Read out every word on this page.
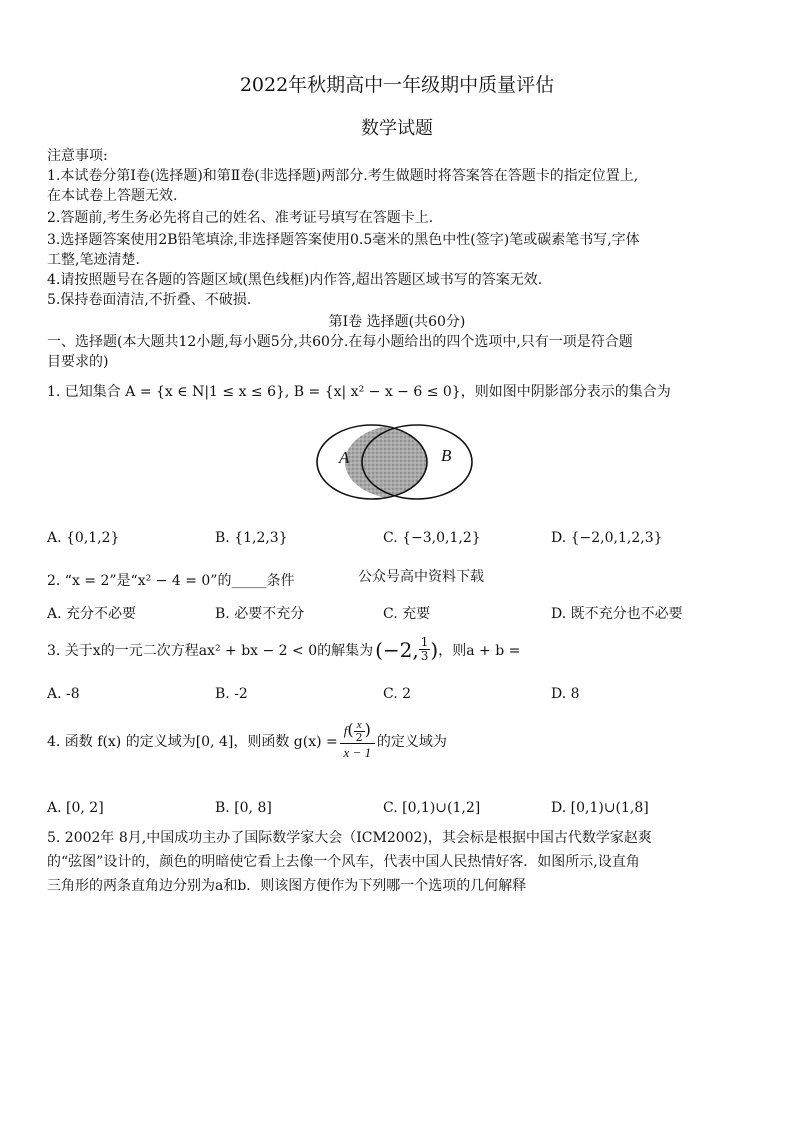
2022年秋期高中一年级期中质量评估
数学试题
注意事项:
1.本试卷分第Ⅰ卷(选择题)和第Ⅱ卷(非选择题)两部分.考生做题时将答案答在答题卡的指定位置上,
在本试卷上答题无效.
2.答题前,考生务必先将自己的姓名、准考证号填写在答题卡上.
3.选择题答案使用2B铅笔填涂,非选择题答案使用0.5毫米的黑色中性(签字)笔或碳素笔书写,字体
工整,笔迹清楚.
4.请按照题号在各题的答题区域(黑色线框)内作答,超出答题区域书写的答案无效.
5.保持卷面清洁,不折叠、不破损.
第Ⅰ卷 选择题(共60分)
一、选择题(本大题共12小题,每小题5分,共60分.在每小题给出的四个选项中,只有一项是符合题
目要求的)
1. 已知集合 A = {x ∈ N|1 ≤ x ≤ 6}, B = {x| x² − x − 6 ≤ 0}，则如图中阴影部分表示的集合为
A	B
A. {0,1,2}	B. {1,2,3}	C. {−3,0,1,2}	D. {−2,0,1,2,3}
2. “x = 2”是“x² − 4 = 0”的_____条件	公众号高中资料下载
A. 充分不必要	B. 必要不充分	C. 充要	D. 既不充分也不必要
3. 关于x的一元二次方程ax² + bx − 2 < 0的解集为 (−2, $\frac{1}{3}$ ) ，则a + b =
A. -8	B. -2	C. 2	D. 8
4. 函数 f(x) 的定义域为[0, 4]，则函数 $g(x) = \frac{f( \frac{x}{2} )}{x - 1}$ 的定义域为
A. [0, 2]	B. [0, 8]	C. [0,1)∪(1,2]	D. [0,1)∪(1,8]
5. 2002年 8月,中国成功主办了国际数学家大会（ICM2002)，其会标是根据中国古代数学家赵爽
的“弦图”设计的，颜色的明暗使它看上去像一个风车，代表中国人民热情好客．如图所示,设直角
三角形的两条直角边分别为a和b．则该图方便作为下列哪一个选项的几何解释
